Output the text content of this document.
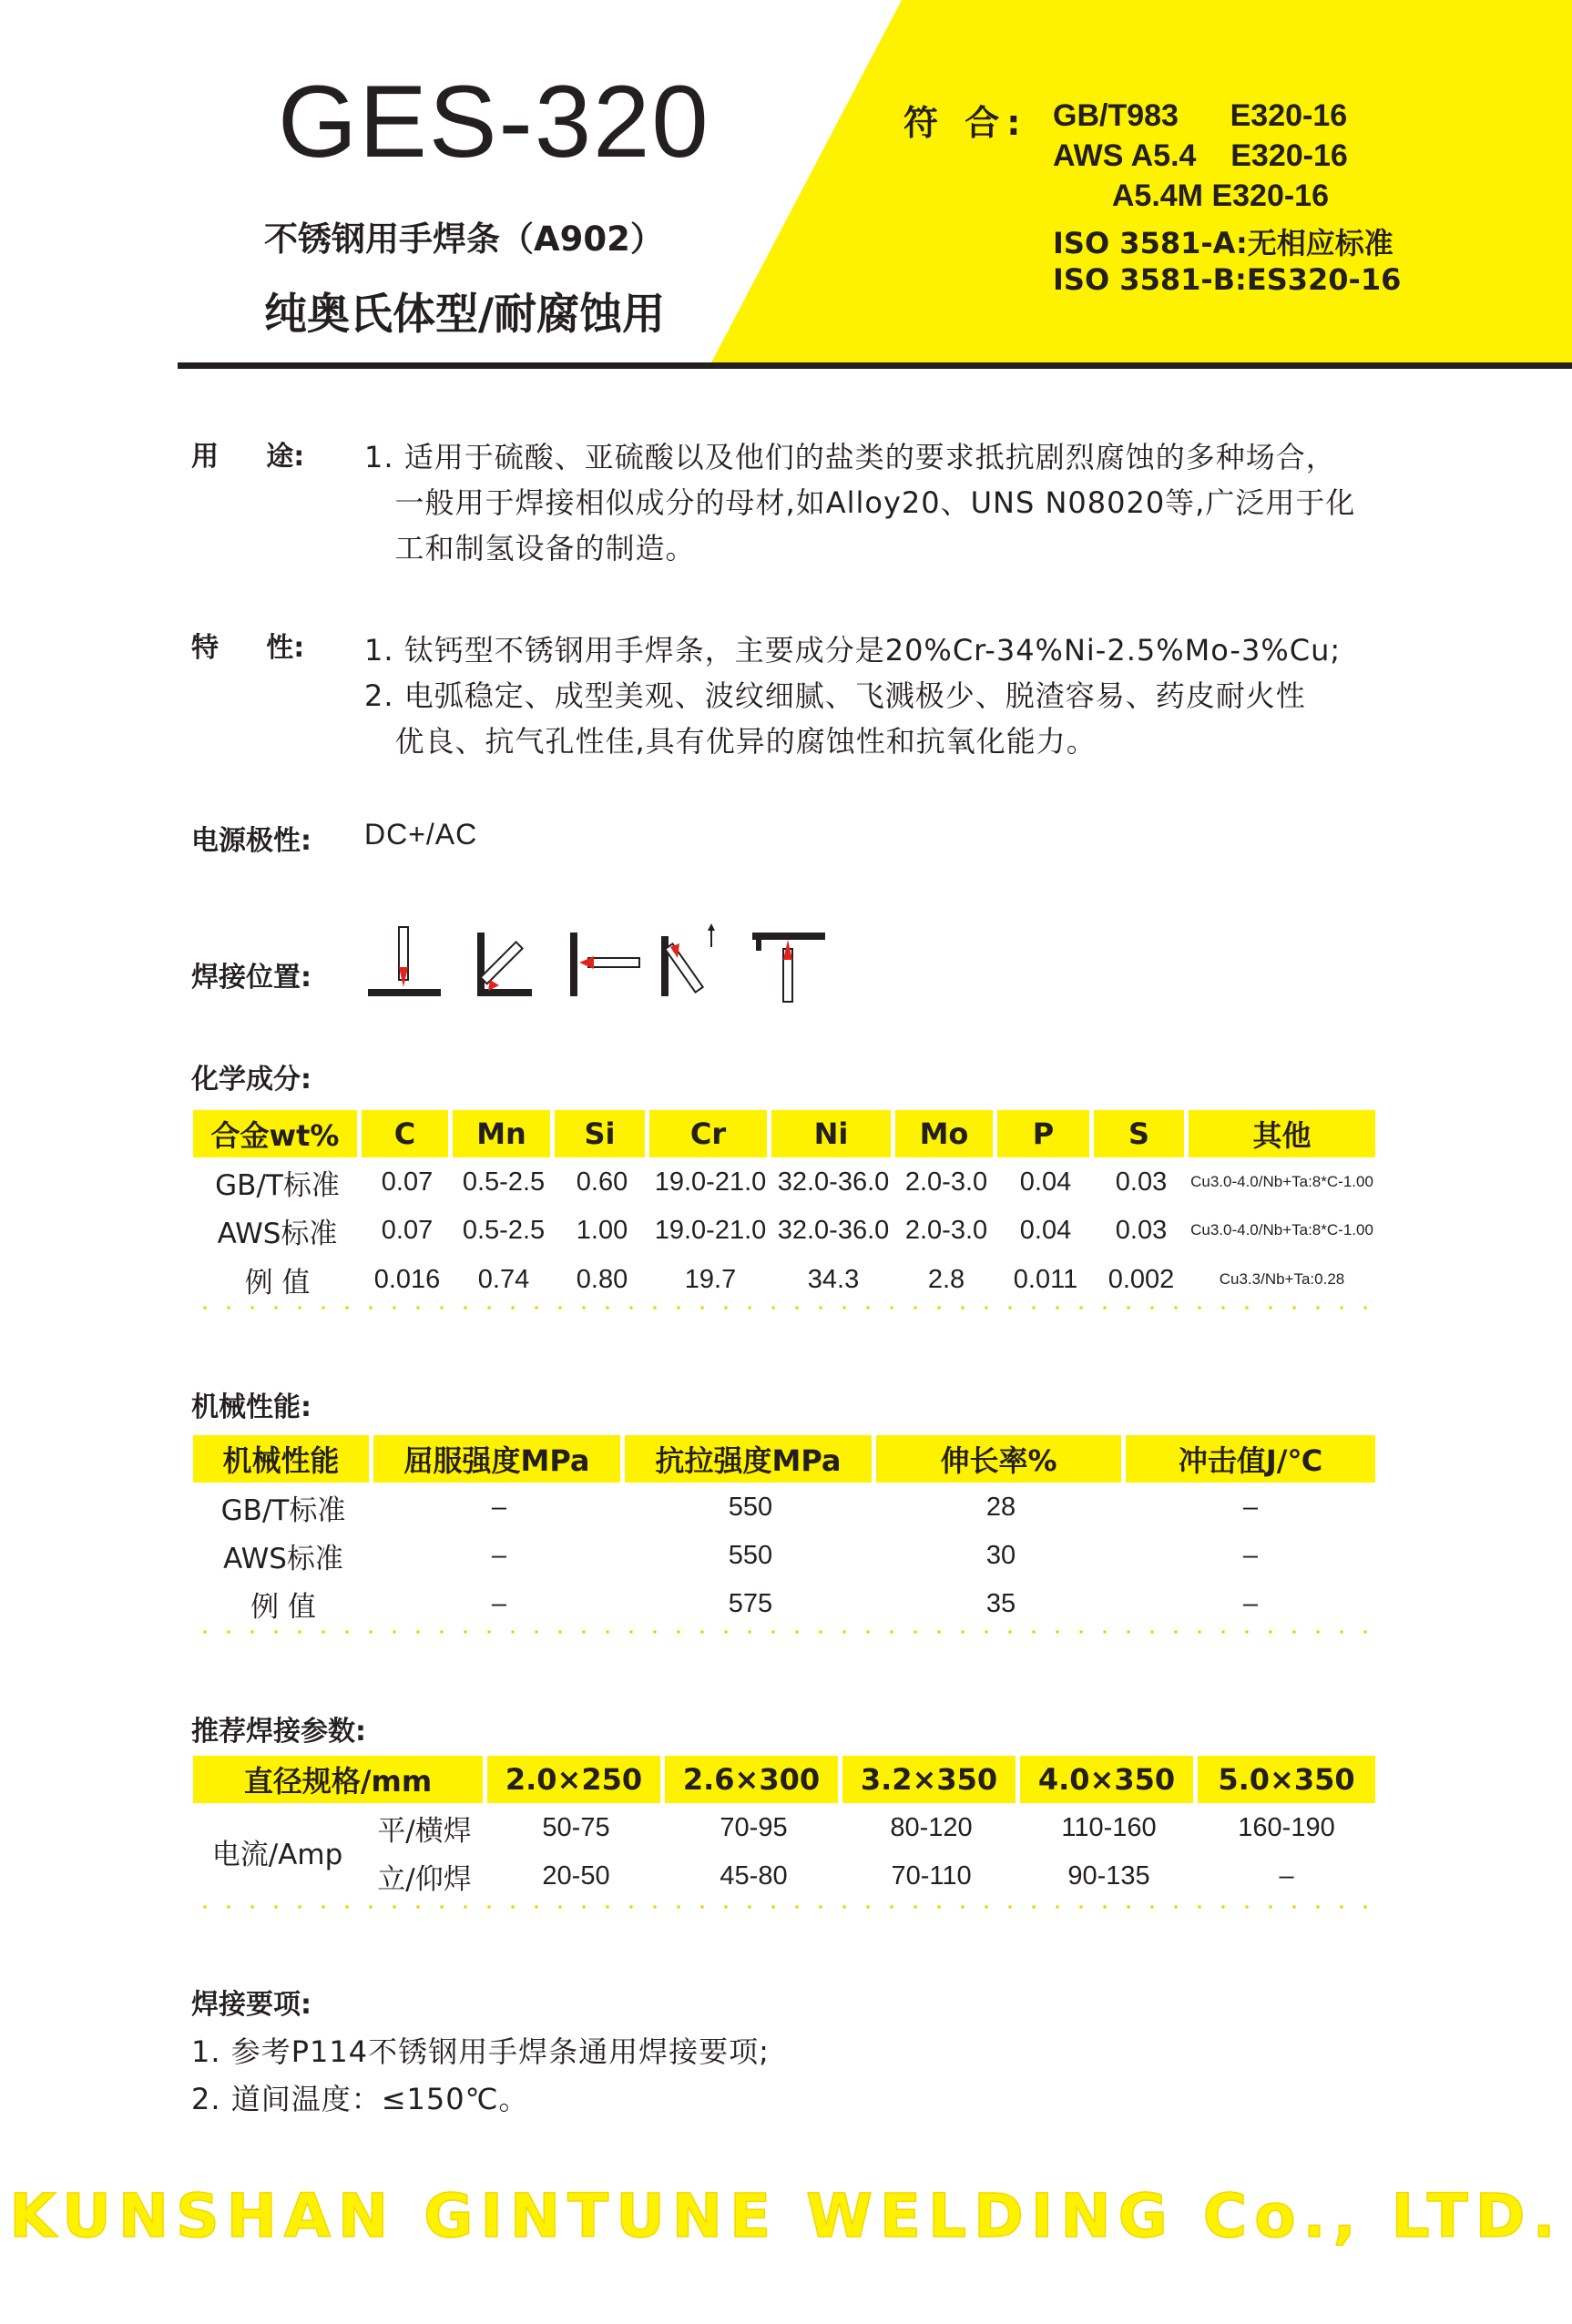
GES-320
不锈钢用手焊条（A902）
纯奥氏体型/耐腐蚀用
符 合: GB/T983      E320-16
AWS A5.4    E320-16
A5.4M E320-16
ISO 3581-A:无相应标准
ISO 3581-B:ES320-16
用     途: 1. 适用于硫酸、亚硫酸以及他们的盐类的要求抵抗剧烈腐蚀的多种场合，
一般用于焊接相似成分的母材,如Alloy20、UNS N08020等,广泛用于化
工和制氢设备的制造。
特     性: 1. 钛钙型不锈钢用手焊条，主要成分是20%Cr-34%Ni-2.5%Mo-3%Cu;
2. 电弧稳定、成型美观、波纹细腻、飞溅极少、脱渣容易、药皮耐火性
优良、抗气孔性佳,具有优异的腐蚀性和抗氧化能力。
电源极性: DC+/AC
焊接位置:
化学成分:
合金wt%	C	Mn	Si	Cr	Ni	Mo	P	S	其他
GB/T标准	0.07	0.5-2.5	0.60	19.0-21.0	32.0-36.0	2.0-3.0	0.04	0.03	Cu3.0-4.0/Nb+Ta:8*C-1.00
AWS标准	0.07	0.5-2.5	1.00	19.0-21.0	32.0-36.0	2.0-3.0	0.04	0.03	Cu3.0-4.0/Nb+Ta:8*C-1.00
例 值	0.016	0.74	0.80	19.7	34.3	2.8	0.011	0.002	Cu3.3/Nb+Ta:0.28
机械性能:
机械性能	屈服强度MPa	抗拉强度MPa	伸长率%	冲击值J/℃
GB/T标准	–	550	28	–
AWS标准	–	550	30	–
例 值	–	575	35	–
推荐焊接参数:
直径规格/mm		2.0×250	2.6×300	3.2×350	4.0×350	5.0×350
电流/Amp	平/横焊	50-75	70-95	80-120	110-160	160-190
	立/仰焊	20-50	45-80	70-110	90-135	–
焊接要项:
1. 参考P114不锈钢用手焊条通用焊接要项;
2. 道间温度：≤150℃。
KUNSHAN GINTUNE WELDING Co., LTD.
